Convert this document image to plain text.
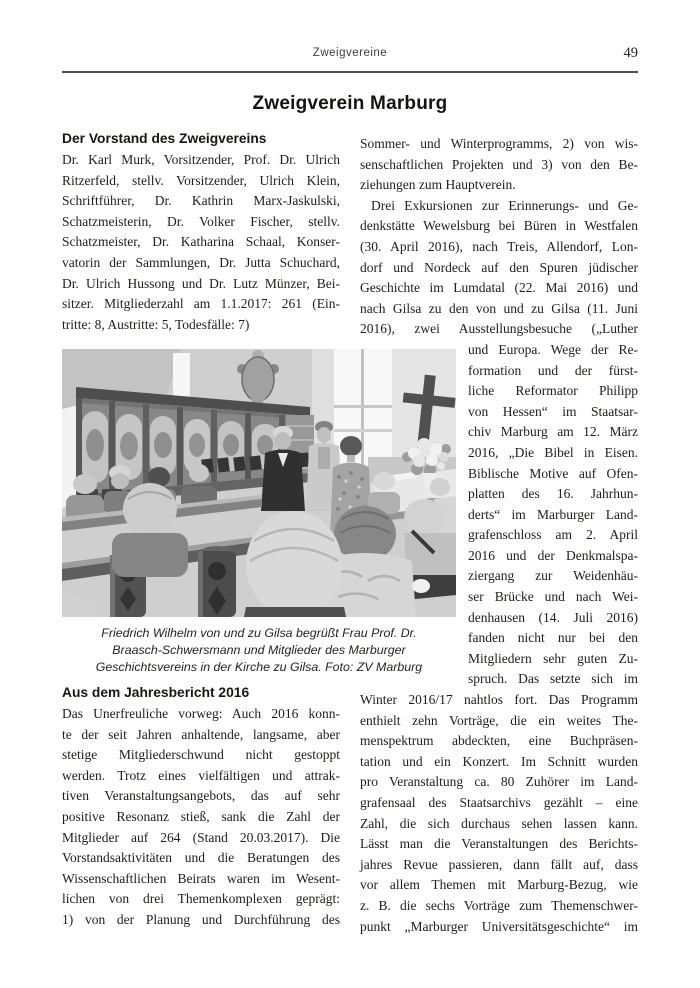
Zweigvereine	49
Zweigverein Marburg
Der Vorstand des Zweigvereins
Dr. Karl Murk, Vorsitzender, Prof. Dr. Ulrich
Ritzerfeld, stellv. Vorsitzender, Ulrich Klein,
Schriftführer, Dr. Kathrin Marx-Jaskulski,
Schatzmeisterin, Dr. Volker Fischer, stellv.
Schatzmeister, Dr. Katharina Schaal, Konser-
vatorin der Sammlungen, Dr. Jutta Schuchard,
Dr. Ulrich Hussong und Dr. Lutz Münzer, Bei-
sitzer. Mitgliederzahl am 1.1.2017: 261 (Ein-
tritte: 8, Austritte: 5, Todesfälle: 7)
Friedrich Wilhelm von und zu Gilsa begrüßt Frau Prof. Dr.
Braasch-Schwersmann und Mitglieder des Marburger
Geschichtsvereins in der Kirche zu Gilsa. Foto: ZV Marburg
Aus dem Jahresbericht 2016
Das Unerfreuliche vorweg: Auch 2016 konn-
te der seit Jahren anhaltende, langsame, aber
stetige Mitgliederschwund nicht gestoppt
werden. Trotz eines vielfältigen und attrak-
tiven Veranstaltungsangebots, das auf sehr
positive Resonanz stieß, sank die Zahl der
Mitglieder auf 264 (Stand 20.03.2017). Die
Vorstandsaktivitäten und die Beratungen des
Wissenschaftlichen Beirats waren im Wesent-
lichen von drei Themenkomplexen geprägt:
1) von der Planung und Durchführung des
Sommer- und Winterprogramms, 2) von wis-
senschaftlichen Projekten und 3) von den Be-
ziehungen zum Hauptverein.
Drei Exkursionen zur Erinnerungs- und Ge-
denkstätte Wewelsburg bei Büren in Westfalen
(30. April 2016), nach Treis, Allendorf, Lon-
dorf und Nordeck auf den Spuren jüdischer
Geschichte im Lumdatal (22. Mai 2016) und
nach Gilsa zu den von und zu Gilsa (11. Juni
2016), zwei Ausstellungsbesuche („Luther
und Europa. Wege der Re-
formation und der fürst-
liche Reformator Philipp
von Hessen“ im Staatsar-
chiv Marburg am 12. März
2016, „Die Bibel in Eisen.
Biblische Motive auf Ofen-
platten des 16. Jahrhun-
derts“ im Marburger Land-
grafenschloss am 2. April
2016 und der Denkmalspa-
ziergang zur Weidenhäu-
ser Brücke und nach Wei-
denhausen (14. Juli 2016)
fanden nicht nur bei den
Mitgliedern sehr guten Zu-
spruch. Das setzte sich im
Winter 2016/17 nahtlos fort. Das Programm
enthielt zehn Vorträge, die ein weites The-
menspektrum abdeckten, eine Buchpräsen-
tation und ein Konzert. Im Schnitt wurden
pro Veranstaltung ca. 80 Zuhörer im Land-
grafensaal des Staatsarchivs gezählt – eine
Zahl, die sich durchaus sehen lassen kann.
Lässt man die Veranstaltungen des Berichts-
jahres Revue passieren, dann fällt auf, dass
vor allem Themen mit Marburg-Bezug, wie
z. B. die sechs Vorträge zum Themenschwer-
punkt „Marburger Universitätsgeschichte“ im
